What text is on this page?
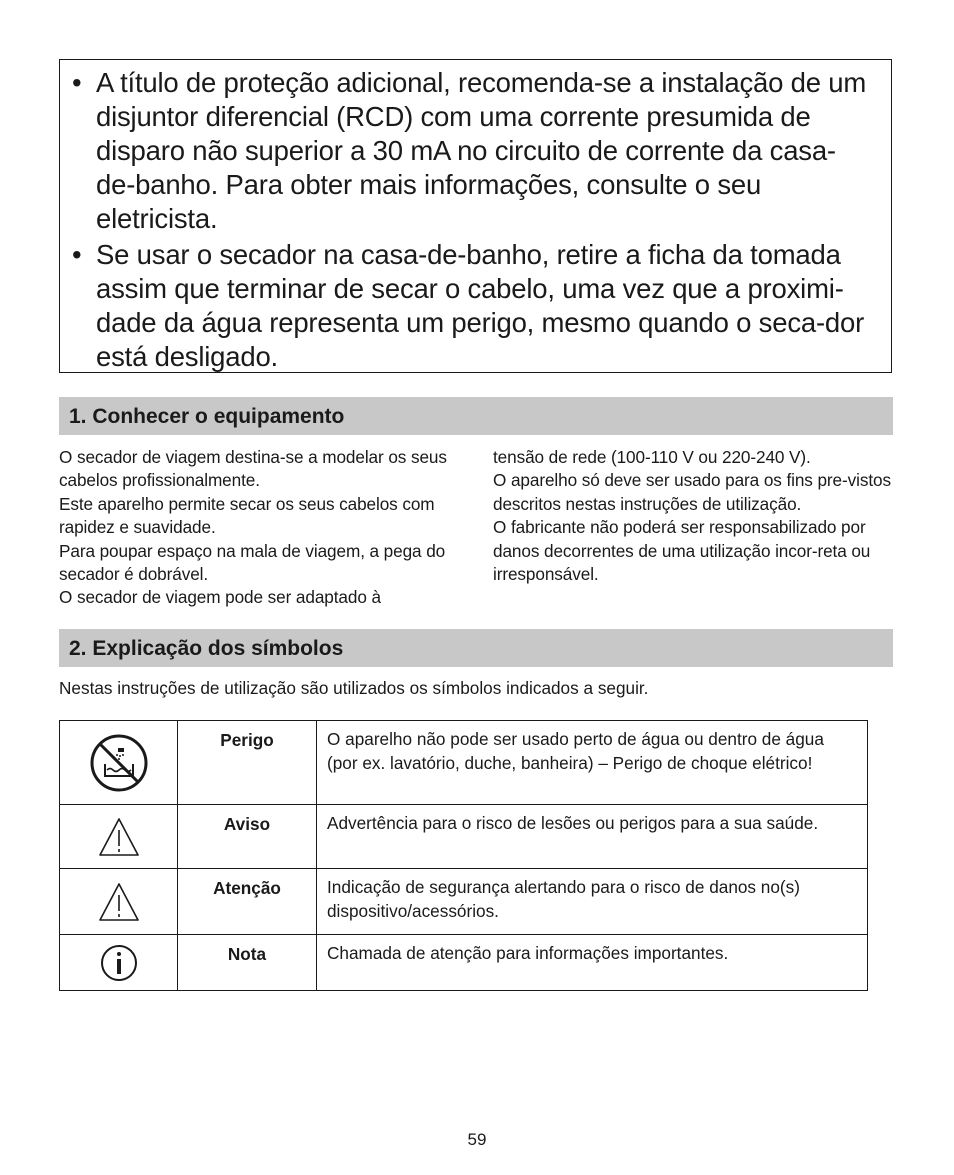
• A título de proteção adicional, recomenda-se a instalação de um disjuntor diferencial (RCD) com uma corrente presumida de disparo não superior a 30 mA no circuito de corrente da casa-de-banho. Para obter mais informações, consulte o seu eletricista.
• Se usar o secador na casa-de-banho, retire a ficha da tomada assim que terminar de secar o cabelo, uma vez que a proximi-dade da água representa um perigo, mesmo quando o seca-dor está desligado.
1. Conhecer o equipamento

O secador de viagem destina-se a modelar os seus cabelos profissionalmente.

Este aparelho permite secar os seus cabelos com rapidez e suavidade.

Para poupar espaço na mala de viagem, a pega do secador é dobrável.

O secador de viagem pode ser adaptado à

tensão de rede (100-110 V ou 220-240 V).

O aparelho só deve ser usado para os fins pre-vistos descritos nestas instruções de utilização.

O fabricante não poderá ser responsabilizado por danos decorrentes de uma utilização incor-reta ou irresponsável.

2. Explicação dos símbolos
Nestas instruções de utilização são utilizados os símbolos indicados a seguir.
	Perigo	O aparelho não pode ser usado perto de água ou dentro de água (por ex. lavatório, duche, banheira) – Perigo de choque elétrico!

	Aviso	Advertência para o risco de lesões ou perigos para a sua saúde.

	Atenção	Indicação de segurança alertando para o risco de danos no(s) dispositivo/acessórios.

	Nota	Chamada de atenção para informações importantes.
59
